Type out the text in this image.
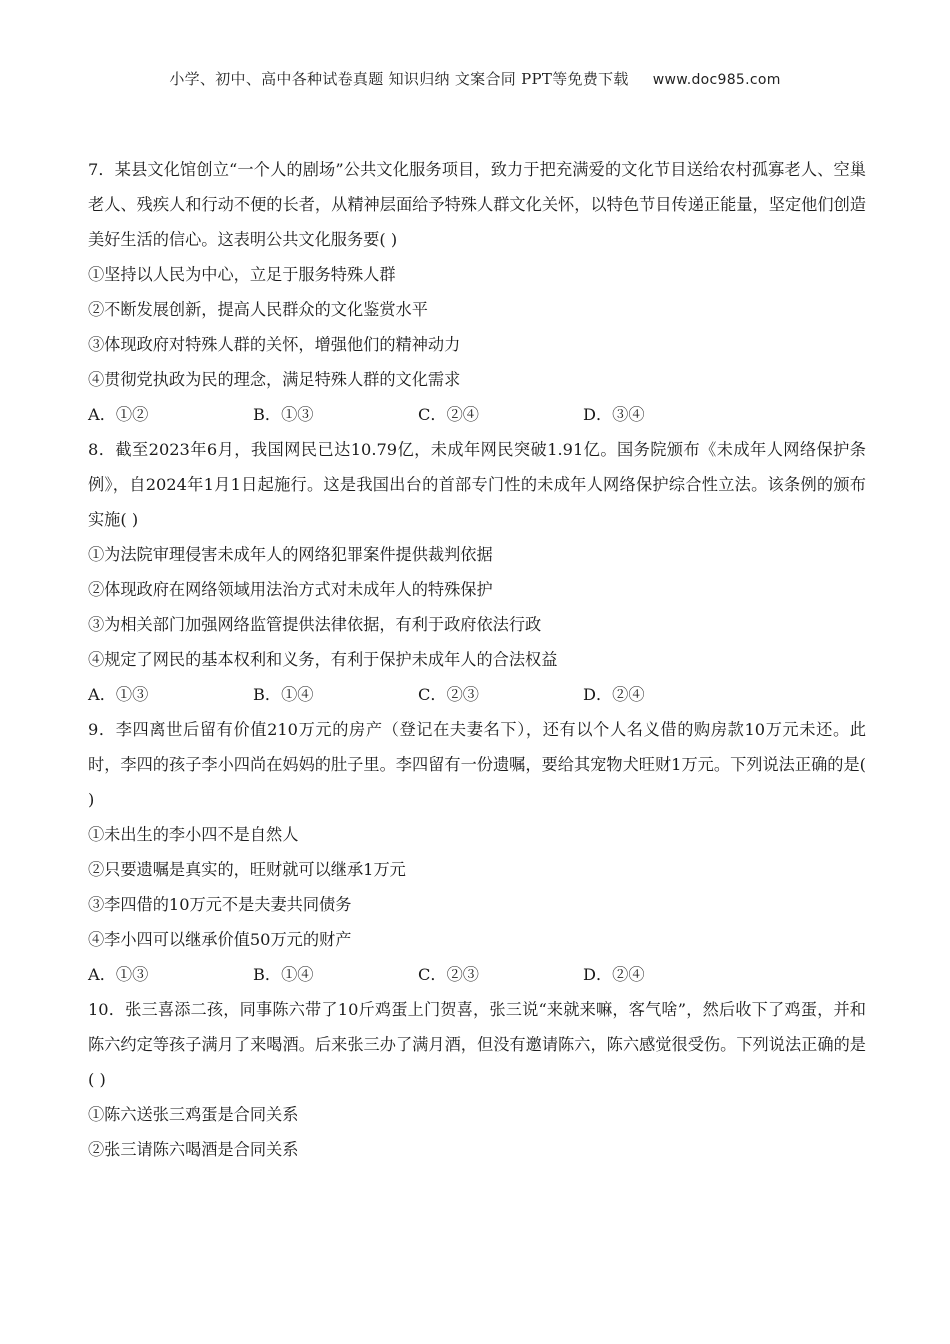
小学、初中、高中各种试卷真题 知识归纳 文案合同 PPT等免费下载 www.doc985.com

7．某县文化馆创立“一个人的剧场”公共文化服务项目，致力于把充满爱的文化节目送给农村孤寡老人、空巢老人、残疾人和行动不便的长者，从精神层面给予特殊人群文化关怀，以特色节目传递正能量，坚定他们创造美好生活的信心。这表明公共文化服务要( )

①坚持以人民为中心，立足于服务特殊人群

②不断发展创新，提高人民群众的文化鉴赏水平

③体现政府对特殊人群的关怀，增强他们的精神动力

④贯彻党执政为民的理念，满足特殊人群的文化需求

A．①②	B．①③	C．②④	D．③④

8．截至2023年6月，我国网民已达10.79亿，未成年网民突破1.91亿。国务院颁布《未成年人网络保护条例》，自2024年1月1日起施行。这是我国出台的首部专门性的未成年人网络保护综合性立法。该条例的颁布实施( )

①为法院审理侵害未成年人的网络犯罪案件提供裁判依据

②体现政府在网络领域用法治方式对未成年人的特殊保护

③为相关部门加强网络监管提供法律依据，有利于政府依法行政

④规定了网民的基本权利和义务，有利于保护未成年人的合法权益

A．①③	B．①④	C．②③	D．②④

9．李四离世后留有价值210万元的房产（登记在夫妻名下），还有以个人名义借的购房款10万元未还。此时，李四的孩子李小四尚在妈妈的肚子里。李四留有一份遗嘱，要给其宠物犬旺财1万元。下列说法正确的是( )

①未出生的李小四不是自然人

②只要遗嘱是真实的，旺财就可以继承1万元

③李四借的10万元不是夫妻共同债务

④李小四可以继承价值50万元的财产

A．①③	B．①④	C．②③	D．②④

10．张三喜添二孩，同事陈六带了10斤鸡蛋上门贺喜，张三说“来就来嘛，客气啥”，然后收下了鸡蛋，并和陈六约定等孩子满月了来喝酒。后来张三办了满月酒，但没有邀请陈六，陈六感觉很受伤。下列说法正确的是( )

①陈六送张三鸡蛋是合同关系

②张三请陈六喝酒是合同关系
